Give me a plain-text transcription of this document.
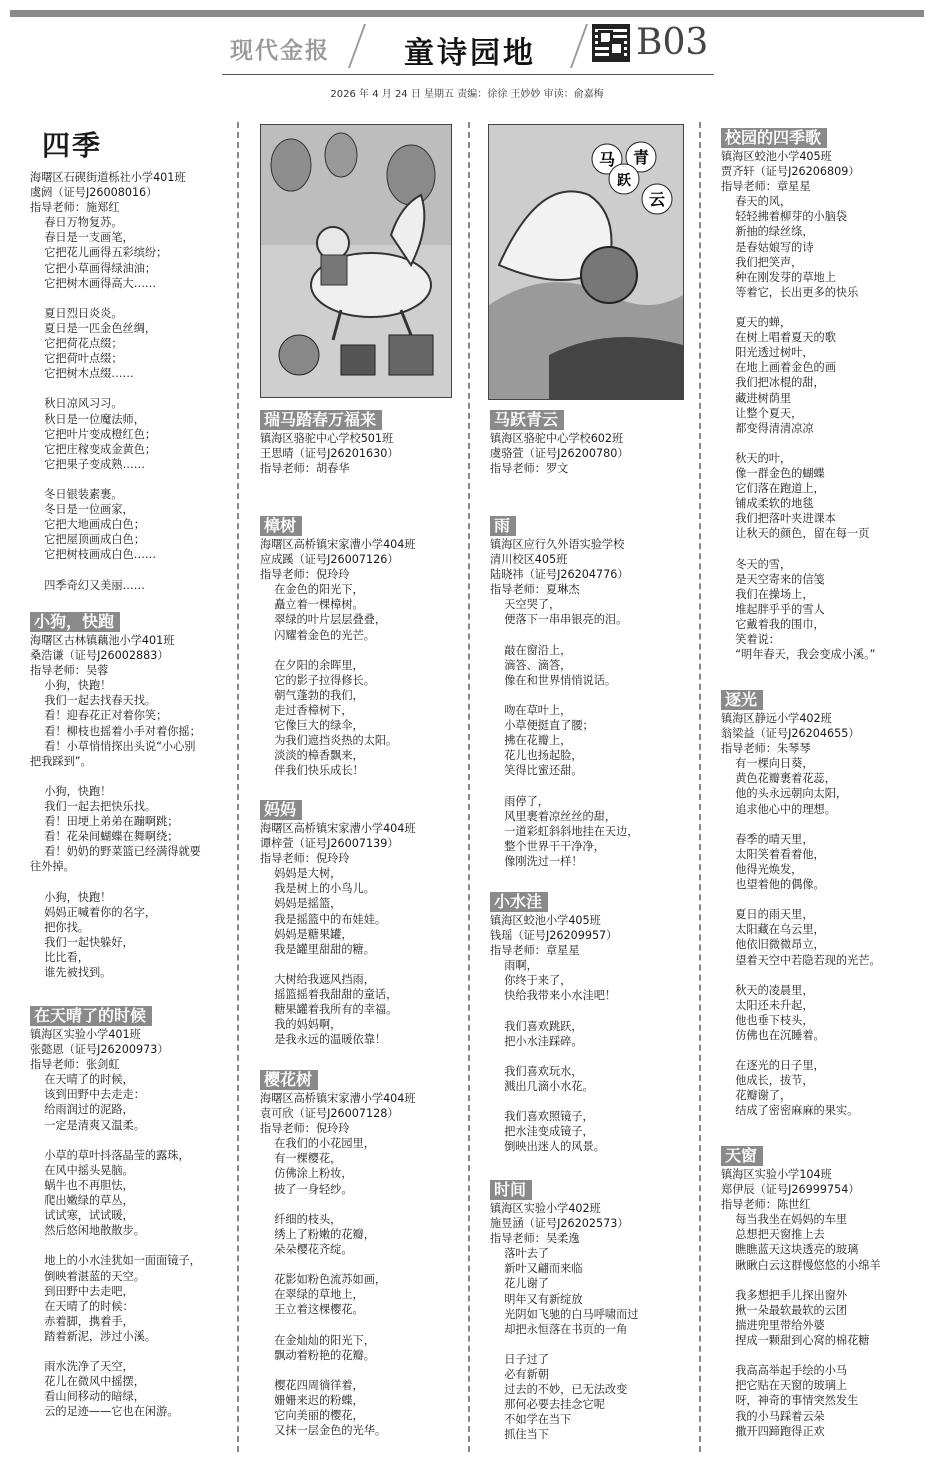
现代金报 童诗园地	B03
2026 年 4 月 24 日 星期五 责编：徐徐 王妙妙 审读：俞嘉梅
四季

海曙区石碶街道栎社小学401班
虞阏（证号J26008016）
指导老师：施郑红
春日万物复苏。
春日是一支画笔，
它把花儿画得五彩缤纷；
它把小草画得绿油油；
它把树木画得高大……

夏日烈日炎炎。
夏日是一匹金色丝绸，
它把荷花点缀；
它把荷叶点缀；
它把树木点缀……

秋日凉风习习。
秋日是一位魔法师，
它把叶片变成橙红色；
它把庄稼变成金黄色；
它把果子变成熟……

冬日银装素裹。
冬日是一位画家，
它把大地画成白色；
它把屋顶画成白色；
它把树枝画成白色……

四季奇幻又美丽……

小狗，快跑

海曙区古林镇藕池小学401班
桑浩谦（证号J26002883）
指导老师：吴蓉
小狗，快跑！
我们一起去找春天找。
看！迎春花正对着你笑；
看！柳枝也摇着小手对着你摇；
看！小草悄悄探出头说“小心别
把我踩到”。

小狗，快跑！
我们一起去把快乐找。
看！田埂上弟弟在蹦啊跳；
看！花朵间蝴蝶在舞啊绕；
看！奶奶的野菜篮已经满得就要
往外掉。

小狗，快跑！
妈妈正喊着你的名字，
把你找。
我们一起快躲好，
比比看，
谁先被找到。

在天晴了的时候

镇海区实验小学401班
张懿恩（证号J26200973）
指导老师：张剑虹
在天晴了的时候，
该到田野中去走走：
给雨润过的泥路，
一定是清爽又温柔。

小草的草叶抖落晶莹的露珠，
在风中摇头晃脑。
蜗牛也不再胆怯，
爬出嫩绿的草丛，
试试寒，试试暖，
然后悠闲地散散步。

地上的小水洼犹如一面面镜子，
倒映着湛蓝的天空。
到田野中去走吧，
在天晴了的时候：
赤着脚，携着手，
踏着新泥，涉过小溪。

雨水洗净了天空，
花儿在微风中摇摆，
看山间移动的暗绿，
云的足迹——它也在闲游。

瑞马踏春万福来

镇海区骆驼中心学校501班
王思晴（证号J26201630）
指导老师：胡春华

樟树

海曙区高桥镇宋家漕小学404班
应成蹊（证号J26007126）
指导老师：倪玲玲
在金色的阳光下，
矗立着一棵樟树。
翠绿的叶片层层叠叠，
闪耀着金色的光芒。

在夕阳的余晖里，
它的影子拉得修长。
朝气蓬勃的我们，
走过香樟树下，
它像巨大的绿伞，
为我们遮挡炎热的太阳。
淡淡的樟香飘来，
伴我们快乐成长！

妈妈

海曙区高桥镇宋家漕小学404班
谭梓萱（证号J26007139）
指导老师：倪玲玲
妈妈是大树，
我是树上的小鸟儿。
妈妈是摇篮，
我是摇篮中的布娃娃。
妈妈是糖果罐，
我是罐里甜甜的糖。

大树给我遮风挡雨，
摇篮摇着我甜甜的童话，
糖果罐着我所有的幸福。
我的妈妈啊，
是我永远的温暖依靠！

樱花树

海曙区高桥镇宋家漕小学404班
袁可欣（证号J26007128）
指导老师：倪玲玲
在我们的小花园里，
有一棵樱花，
仿佛涂上粉妆，
披了一身轻纱。

纤细的枝头，
绣上了粉嫩的花瓣，
朵朵樱花齐绽。

花影如粉色流苏如画，
在翠绿的草地上，
王立着这棵樱花。

在金灿灿的阳光下，
飘动着粉艳的花瓣。

樱花四周徜徉着，
姗姗来迟的粉蝶，
它向美丽的樱花，
又抹一层金色的光华。

马 青
跃
云
马跃青云

镇海区骆驼中心学校602班
虞骆萱（证号J26200780）
指导老师：罗文

雨

镇海区应行久外语实验学校
清川校区405班
陆晓祎（证号J26204776）
指导老师：夏琳杰
天空哭了，
便落下一串串银亮的泪。

敲在窗沿上，
滴答、滴答，
像在和世界悄悄说话。

吻在草叶上，
小草便挺直了腰；
拂在花瓣上，
花儿也扬起脸，
笑得比蜜还甜。

雨停了，
风里裹着凉丝丝的甜，
一道彩虹斜斜地挂在天边，
整个世界干干净净，
像刚洗过一样！

小水洼

镇海区蛟池小学405班
钱瑶（证号J26209957）
指导老师：章星星
雨啊，
你终于来了，
快给我带来小水洼吧！

我们喜欢跳跃，
把小水洼踩碎。

我们喜欢玩水，
溅出几滴小水花。

我们喜欢照镜子，
把水洼变成镜子，
倒映出迷人的风景。

时间

镇海区实验小学402班
施昱涵（证号J26202573）
指导老师：吴柔逸
落叶去了
新叶又翩而来临
花儿谢了
明年又有新绽放
光阴如飞驰的白马呼啸而过
却把永恒落在书页的一角

日子过了
必有新朝
过去的不妙，已无法改变
那何必要去挂念它呢
不如学在当下
抓住当下

校园的四季歌

镇海区蛟池小学405班
贾齐轩（证号J26206809）
指导老师：章星星
春天的风，
轻轻拂着柳芽的小脑袋
新抽的绿丝绦，
是春姑娘写的诗
我们把笑声，
种在刚发芽的草地上
等着它，长出更多的快乐

夏天的蝉，
在树上唱着夏天的歌
阳光透过树叶，
在地上画着金色的画
我们把冰棍的甜，
藏进树荫里
让整个夏天，
都变得清清凉凉

秋天的叶，
像一群金色的蝴蝶
它们落在跑道上，
铺成柔软的地毯
我们把落叶夹进课本
让秋天的颜色，留在每一页

冬天的雪，
是天空寄来的信笺
我们在操场上，
堆起胖乎乎的雪人
它戴着我的围巾，
笑着说：
“明年春天，我会变成小溪。”

逐光

镇海区静远小学402班
翁梁益（证号J26204655）
指导老师：朱琴琴
有一棵向日葵，
黄色花瓣裹着花蕊，
他的头永远朝向太阳，
追求他心中的理想。

春季的晴天里，
太阳笑着看着他，
他得光焕发，
也望着他的偶像。

夏日的雨天里，
太阳藏在乌云里，
他依旧微微昂立，
望着天空中若隐若现的光芒。

秋天的凌晨里，
太阳还未升起，
他也垂下枝头，
仿佛也在沉睡着。

在逐光的日子里，
他成长，拔节，
花瓣谢了，
结成了密密麻麻的果实。

天窗

镇海区实验小学104班
郑伊辰（证号J26999754）
指导老师：陈世红
每当我坐在妈妈的车里
总想把天窗推上去
瞧瞧蓝天这块透亮的玻璃
瞅瞅白云这群慢悠悠的小绵羊

我多想把手儿探出窗外
揪一朵最软最软的云团
揣进兜里带给外婆
捏成一颗甜到心窝的棉花糖

我高高举起手绘的小马
把它贴在天窗的玻璃上
呀，神奇的事情突然发生
我的小马踩着云朵
撒开四蹄跑得正欢
